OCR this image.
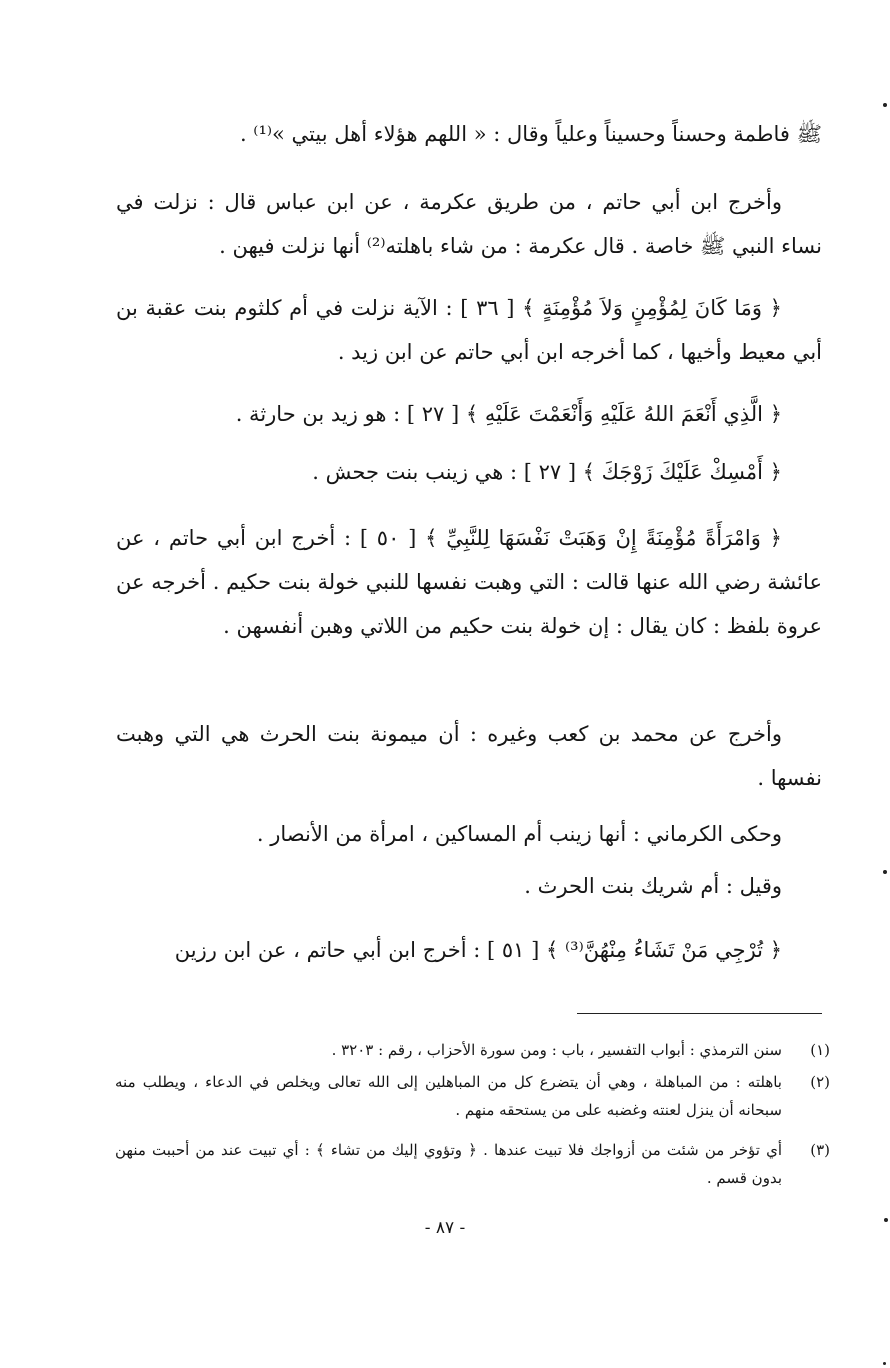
ﷺ فاطمة وحسناً وحسيناً وعلياً وقال : « اللهم هؤلاء أهل بيتي »⁽¹⁾ .

وأخرج ابن أبي حاتم ، من طريق عكرمة ، عن ابن عباس قال : نزلت في نساء النبي ﷺ خاصة . قال عكرمة : من شاء باهلته⁽²⁾ أنها نزلت فيهن .

﴿ وَمَا كَانَ لِمُؤْمِنٍ وَلاَ مُؤْمِنَةٍ ﴾ [ ٣٦ ] : الآية نزلت في أم كلثوم بنت عقبة بن أبي معيط وأخيها ، كما أخرجه ابن أبي حاتم عن ابن زيد .

﴿ الَّذِي أَنْعَمَ اللهُ عَلَيْهِ وَأَنْعَمْتَ عَلَيْهِ ﴾ [ ٢٧ ] : هو زيد بن حارثة .

﴿ أَمْسِكْ عَلَيْكَ زَوْجَكَ ﴾ [ ٢٧ ] : هي زينب بنت جحش .

﴿ وَامْرَأَةً مُؤْمِنَةً إِنْ وَهَبَتْ نَفْسَهَا لِلنَّبِيِّ ﴾ [ ٥٠ ] : أخرج ابن أبي حاتم ، عن عائشة رضي الله عنها قالت : التي وهبت نفسها للنبي خولة بنت حكيم . أخرجه عن عروة بلفظ : كان يقال : إن خولة بنت حكيم من اللاتي وهبن أنفسهن .

وأخرج عن محمد بن كعب وغيره : أن ميمونة بنت الحرث هي التي وهبت نفسها .

وحكى الكرماني : أنها زينب أم المساكين ، امرأة من الأنصار .

وقيل : أم شريك بنت الحرث .

﴿ تُرْجِي مَنْ تَشَاءُ مِنْهُنَّ⁽³⁾ ﴾ [ ٥١ ] : أخرج ابن أبي حاتم ، عن ابن رزين

(١)
سنن الترمذي : أبواب التفسير ، باب : ومن سورة الأحزاب ، رقم : ٣٢٠٣ .
(٢)
باهلته : من المباهلة ، وهي أن يتضرع كل من المباهلين إلى الله تعالى ويخلص في الدعاء ، ويطلب منه سبحانه أن ينزل لعنته وغضبه على من يستحقه منهم .
(٣)
أي تؤخر من شئت من أزواجك فلا تبيت عندها . ﴿ وتؤوي إليك من تشاء ﴾ : أي تبيت عند من أحببت منهن بدون قسم .
- ٨٧ -
